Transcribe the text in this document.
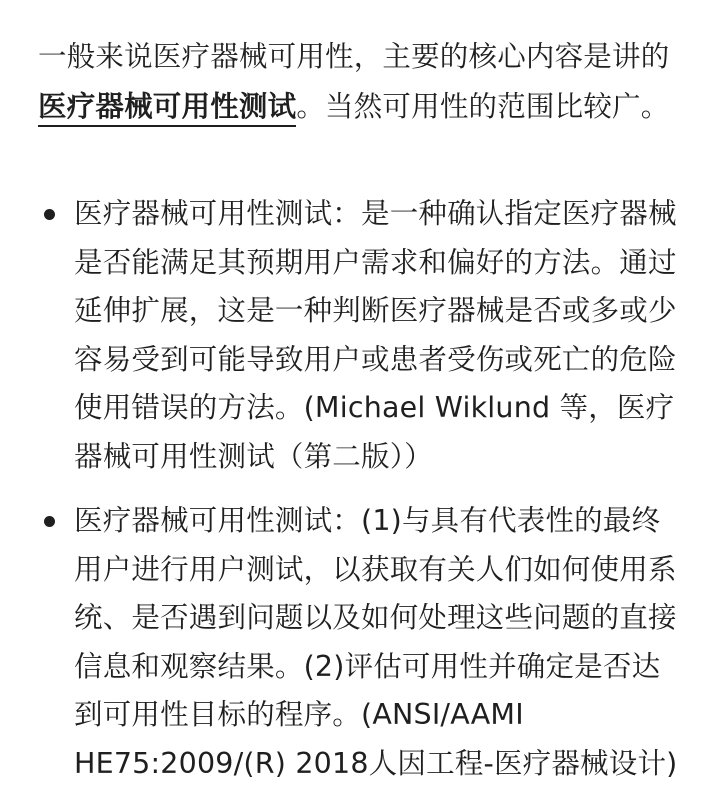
一般来说医疗器械可用性，主要的核心内容是讲的医疗器械可用性测试。当然可用性的范围比较广。

医疗器械可用性测试：是一种确认指定医疗器械是否能满足其预期用户需求和偏好的方法。通过延伸扩展，这是一种判断医疗器械是否或多或少容易受到可能导致用户或患者受伤或死亡的危险使用错误的方法。(Michael Wiklund 等，医疗器械可用性测试（第二版））
医疗器械可用性测试：(1)与具有代表性的最终用户进行用户测试，以获取有关人们如何使用系统、是否遇到问题以及如何处理这些问题的直接信息和观察结果。(2)评估可用性并确定是否达到可用性目标的程序。(ANSI/AAMI HE75:2009/(R) 2018人因工程-医疗器械设计)
